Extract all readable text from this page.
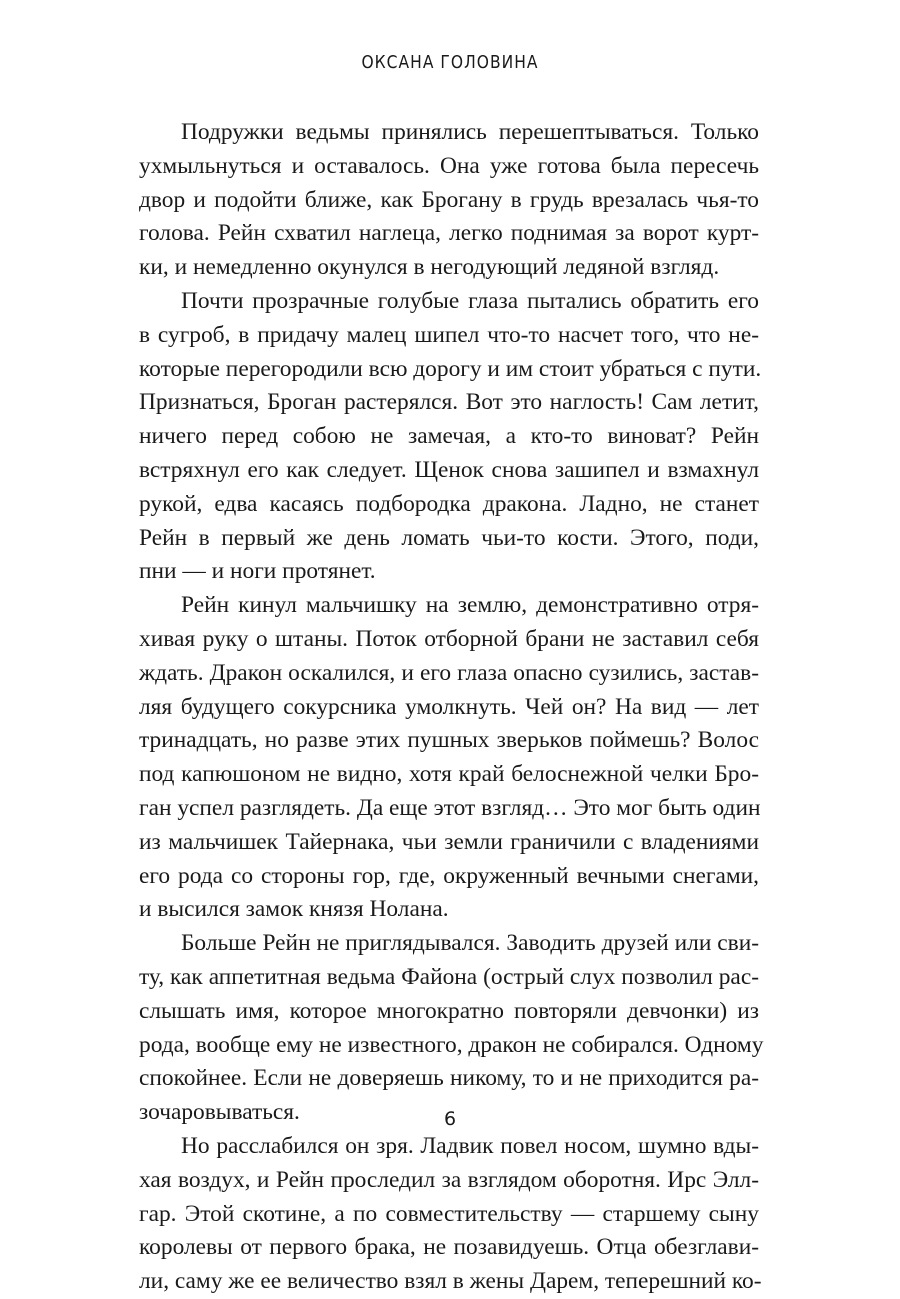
ОКСАНА ГОЛОВИНА
Подружки ведьмы принялись перешептываться. Только
ухмыльнуться и оставалось. Она уже готова была пересечь
двор и подойти ближе, как Брогану в грудь врезалась чья-то
голова. Рейн схватил наглеца, легко поднимая за ворот курт-
ки, и немедленно окунулся в негодующий ледяной взгляд.
Почти прозрачные голубые глаза пытались обратить его
в сугроб, в придачу малец шипел что-то насчет того, что не-
которые перегородили всю дорогу и им стоит убраться с пути.
Признаться, Броган растерялся. Вот это наглость! Сам летит,
ничего перед собою не замечая, а кто-то виноват? Рейн
встряхнул его как следует. Щенок снова зашипел и взмахнул
рукой, едва касаясь подбородка дракона. Ладно, не станет
Рейн в первый же день ломать чьи-то кости. Этого, поди,
пни — и ноги протянет.
Рейн кинул мальчишку на землю, демонстративно отря-
хивая руку о штаны. Поток отборной брани не заставил себя
ждать. Дракон оскалился, и его глаза опасно сузились, застав-
ляя будущего сокурсника умолкнуть. Чей он? На вид — лет
тринадцать, но разве этих пушных зверьков поймешь? Волос
под капюшоном не видно, хотя край белоснежной челки Бро-
ган успел разглядеть. Да еще этот взгляд… Это мог быть один
из мальчишек Тайернака, чьи земли граничили с владениями
его рода со стороны гор, где, окруженный вечными снегами,
и высился замок князя Нолана.
Больше Рейн не приглядывался. Заводить друзей или сви-
ту, как аппетитная ведьма Файона (острый слух позволил рас-
слышать имя, которое многократно повторяли девчонки) из
рода, вообще ему не известного, дракон не собирался. Одному
спокойнее. Если не доверяешь никому, то и не приходится ра-
зочаровываться.
Но расслабился он зря. Ладвик повел носом, шумно вды-
хая воздух, и Рейн проследил за взглядом оборотня. Ирс Элл-
гар. Этой скотине, а по совместительству — старшему сыну
королевы от первого брака, не позавидуешь. Отца обезглави-
ли, саму же ее величество взял в жены Дарем, теперешний ко-
6
